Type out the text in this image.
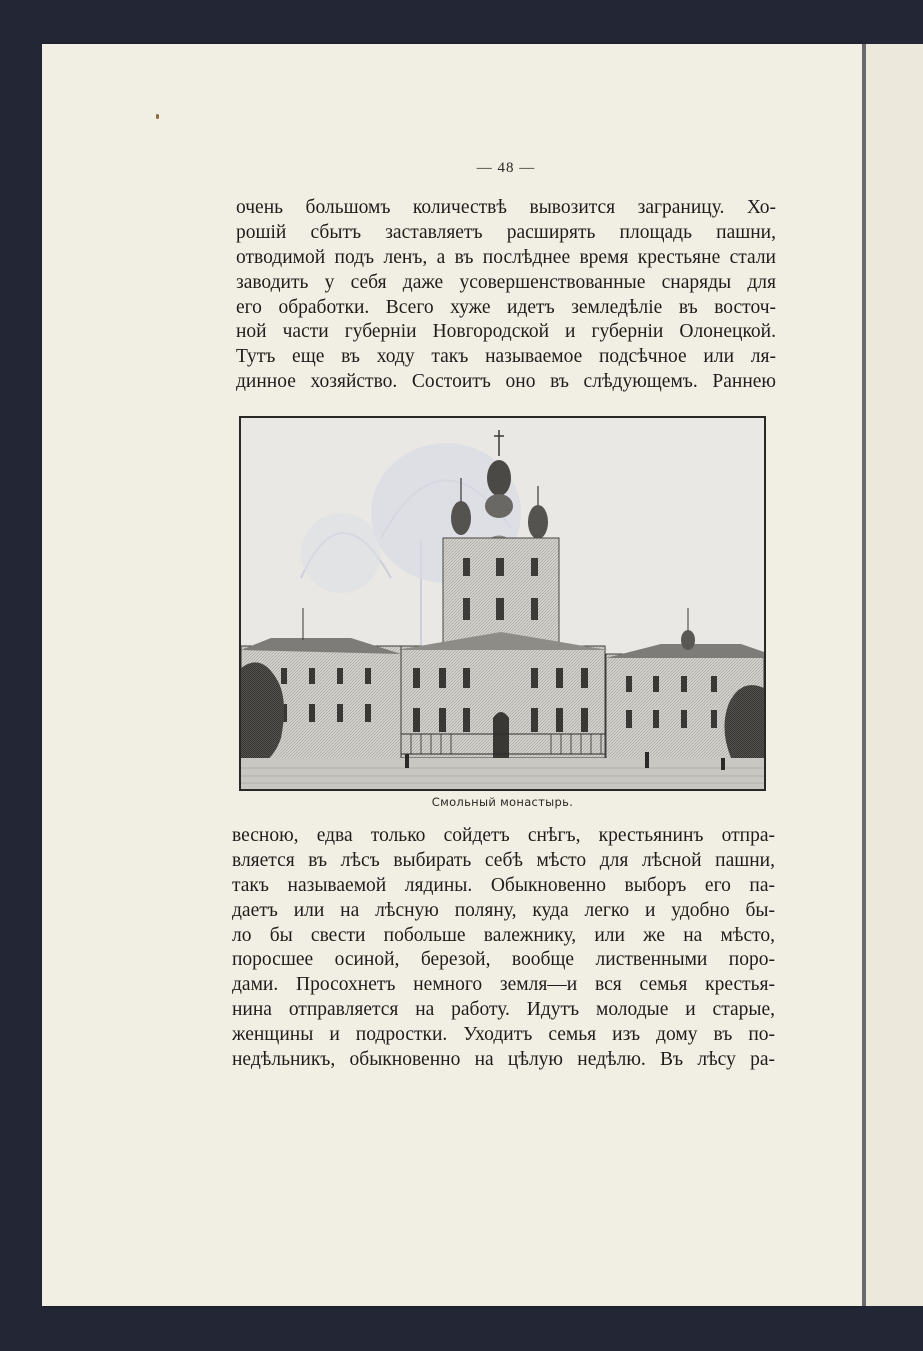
— 48 —
очень большомъ количествѣ вывозится заграницу. Хо-
рошiй сбытъ заставляетъ расширять площадь пашни,
отводимой подъ ленъ, а въ послѣднее время крестьяне стали
заводить у себя даже усовершенствованные снаряды для
его обработки. Всего хуже идетъ земледѣлiе въ восточ-
ной части губернiи Новгородской и губернiи Олонецкой.
Тутъ еще въ ходу такъ называемое подсѣчное или ля-
динное хозяйство. Состоитъ оно въ слѣдующемъ. Раннею
Смольный монастырь.
весною, едва только сойдетъ снѣгъ, крестьянинъ отпра-
вляется въ лѣсъ выбирать себѣ мѣсто для лѣсной пашни,
такъ называемой лядины. Обыкновенно выборъ его па-
даетъ или на лѣсную поляну, куда легко и удобно бы-
ло бы свести побольше валежнику, или же на мѣсто,
поросшее осиной, березой, вообще лиственными поро-
дами. Просохнетъ немного земля—и вся семья крестья-
нина отправляется на работу. Идутъ молодые и старые,
женщины и подростки. Уходитъ семья изъ дому въ по-
недѣльникъ, обыкновенно на цѣлую недѣлю. Въ лѣсу ра-
